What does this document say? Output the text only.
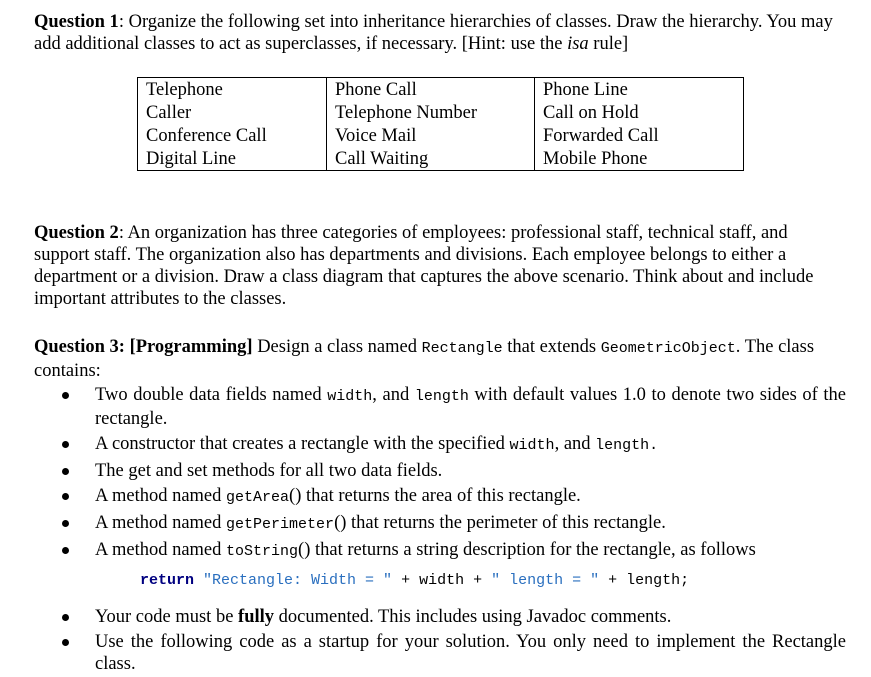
Question 1: Organize the following set into inheritance hierarchies of classes. Draw the hierarchy. You may add additional classes to act as superclasses, if necessary. [Hint: use the isa rule]
Telephone	Phone Call	Phone Line
Caller	Telephone Number	Call on Hold
Conference Call	Voice Mail	Forwarded Call
Digital Line	Call Waiting	Mobile Phone
Question 2: An organization has three categories of employees: professional staff, technical staff, and support staff. The organization also has departments and divisions. Each employee belongs to either a department or a division. Draw a class diagram that captures the above scenario. Think about and include important attributes to the classes.
Question 3: [Programming] Design a class named Rectangle that extends GeometricObject. The class contains:
Two double data fields named width, and length with default values 1.0 to denote two sides of the rectangle.
A constructor that creates a rectangle with the specified width, and length.
The get and set methods for all two data fields.
A method named getArea() that returns the area of this rectangle.
A method named getPerimeter() that returns the perimeter of this rectangle.
A method named toString() that returns a string description for the rectangle, as follows
return "Rectangle: Width = " + width + " length = " + length;
Your code must be fully documented. This includes using Javadoc comments.
Use the following code as a startup for your solution. You only need to implement the Rectangle class.
